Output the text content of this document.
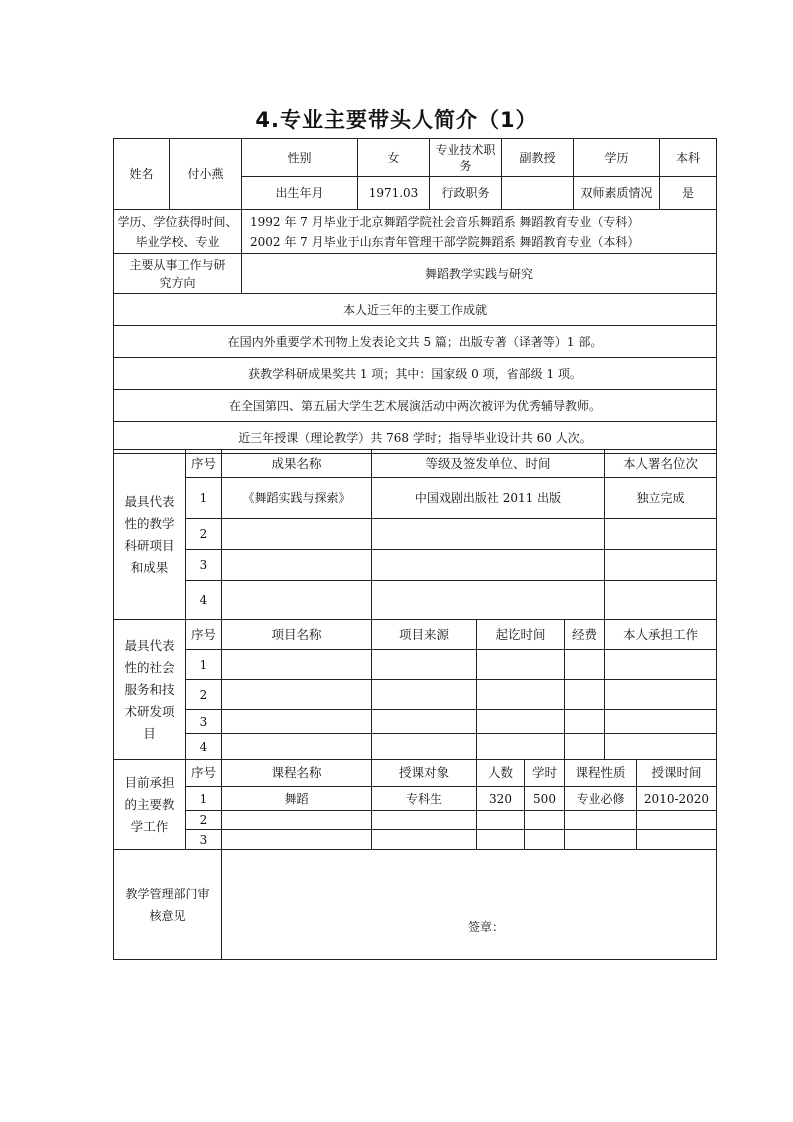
4.专业主要带头人简介（1）
姓名	付小燕	性别	女	专业技术职务	副教授	学历	本科
		出生年月	1971.03	行政职务		双师素质情况	是
学历、学位获得时间、毕业学校、专业		1992 年 7 月毕业于北京舞蹈学院社会音乐舞蹈系 舞蹈教育专业（专科）
2002 年 7 月毕业于山东青年管理干部学院舞蹈系 舞蹈教育专业（本科）					

主要从事工作与研究方向		舞蹈教学实践与研究					
本人近三年的主要工作成就							
在国内外重要学术刊物上发表论文共 5 篇；出版专著（译著等）1 部。							
获教学科研成果奖共 1 项；其中：国家级 0 项，省部级 1 项。							
在全国第四、第五届大学生艺术展演活动中两次被评为优秀辅导教师。							
近三年授课（理论教学）共 768 学时；指导毕业设计共 60 人次。							
最具代表性的教学科研项目和成果	序号	成果名称	等级及签发单位、时间	本人署名位次
	1	《舞蹈实践与探索》	中国戏剧出版社 2011 出版	独立完成
	2			
	3			
	4			
最具代表性的社会服务和技术研发项目	序号	项目名称	项目来源	起讫时间	经费	本人承担工作
	1					
	2					
	3					
	4					
目前承担的主要教学工作	序号	课程名称	授课对象	人数	学时	课程性质	授课时间
	1	舞蹈	专科生	320	500	专业必修	2010-2020
	2						
	3						
教学管理部门审核意见	
签章：
